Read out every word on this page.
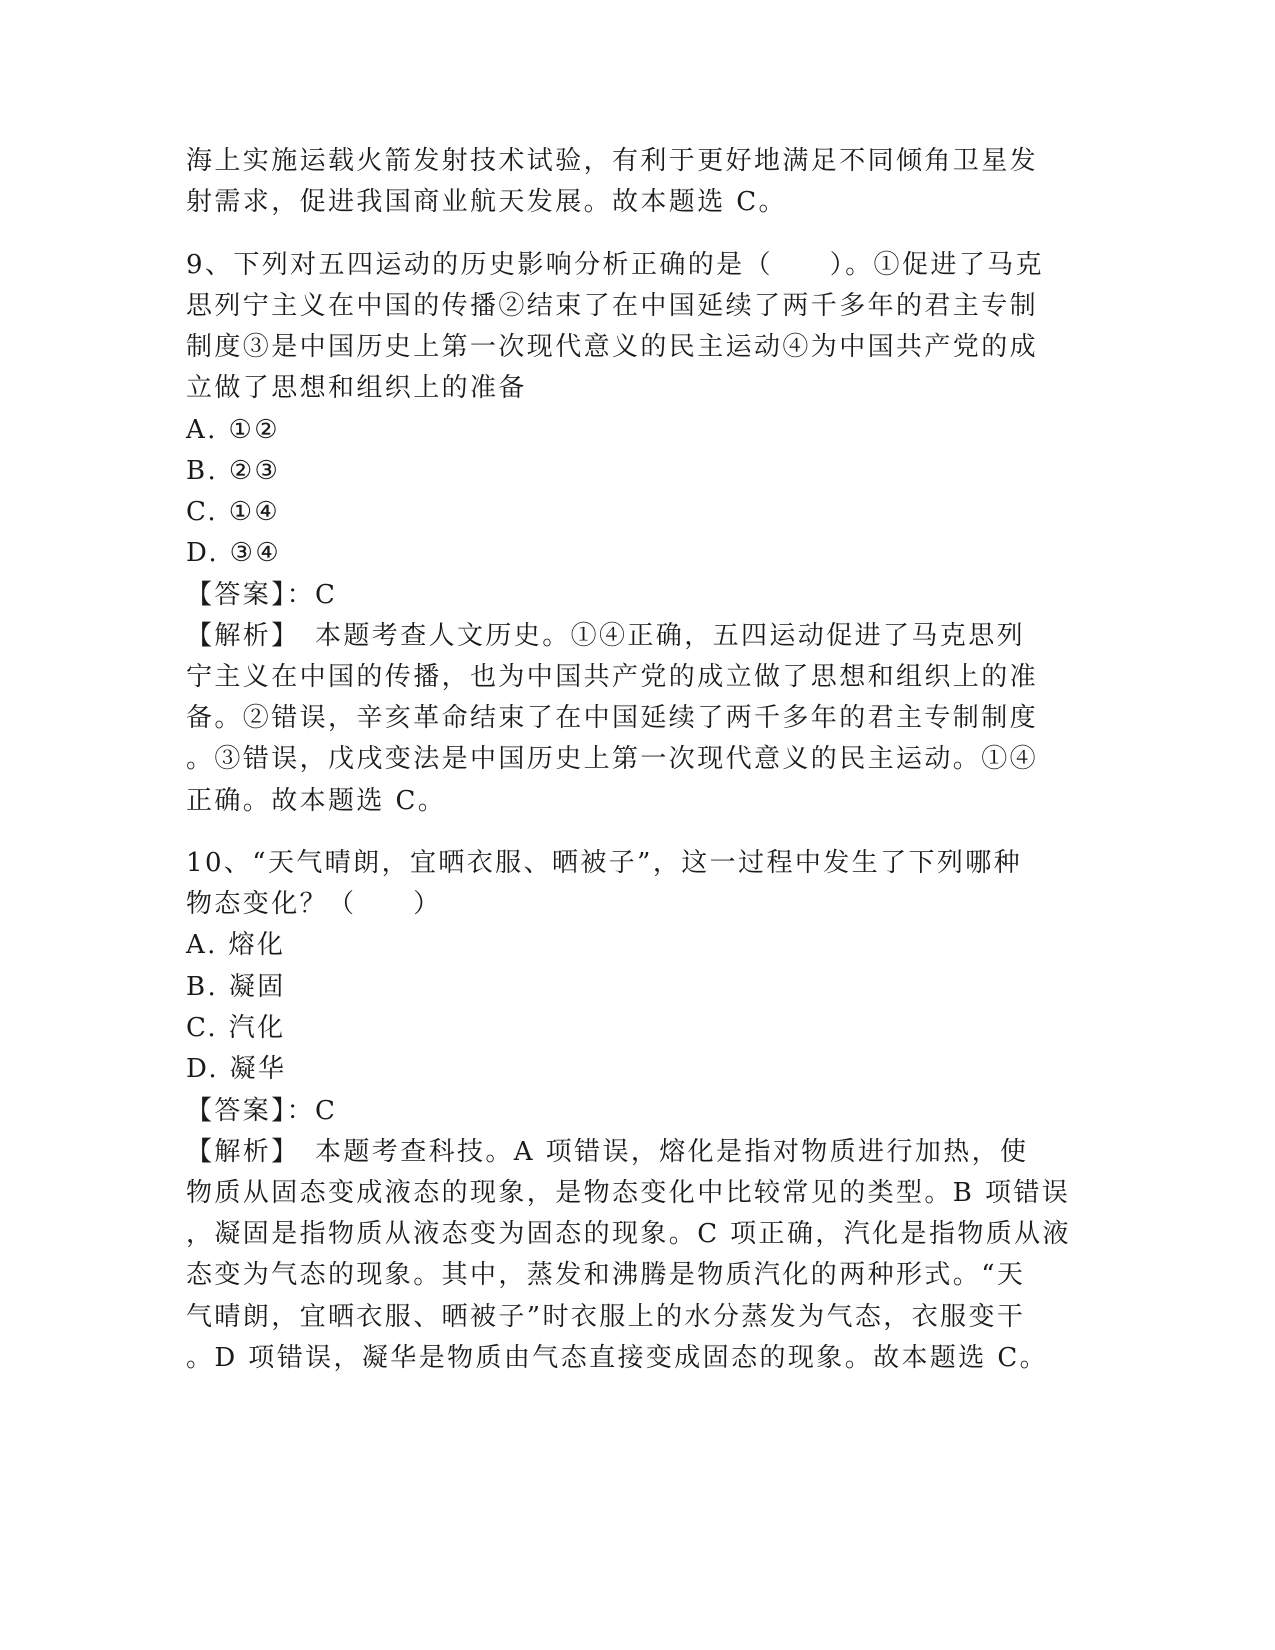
海上实施运载火箭发射技术试验，有利于更好地满足不同倾角卫星发
射需求，促进我国商业航天发展。故本题选 C。
9、下列对五四运动的历史影响分析正确的是（　　）。①促进了马克
思列宁主义在中国的传播②结束了在中国延续了两千多年的君主专制
制度③是中国历史上第一次现代意义的民主运动④为中国共产党的成
立做了思想和组织上的准备
A. ①②
B. ②③
C. ①④
D. ③④
【答案】：C
【解析】　本题考查人文历史。①④正确，五四运动促进了马克思列
宁主义在中国的传播，也为中国共产党的成立做了思想和组织上的准
备。②错误，辛亥革命结束了在中国延续了两千多年的君主专制制度
。③错误，戊戌变法是中国历史上第一次现代意义的民主运动。①④
正确。故本题选 C。
10、“天气晴朗，宜晒衣服、晒被子”，这一过程中发生了下列哪种
物态变化？（　　）
A. 熔化
B. 凝固
C. 汽化
D. 凝华
【答案】：C
【解析】　本题考查科技。A 项错误，熔化是指对物质进行加热，使
物质从固态变成液态的现象，是物态变化中比较常见的类型。B 项错误
，凝固是指物质从液态变为固态的现象。C 项正确，汽化是指物质从液
态变为气态的现象。其中，蒸发和沸腾是物质汽化的两种形式。“天
气晴朗，宜晒衣服、晒被子”时衣服上的水分蒸发为气态，衣服变干
。D 项错误，凝华是物质由气态直接变成固态的现象。故本题选 C。
